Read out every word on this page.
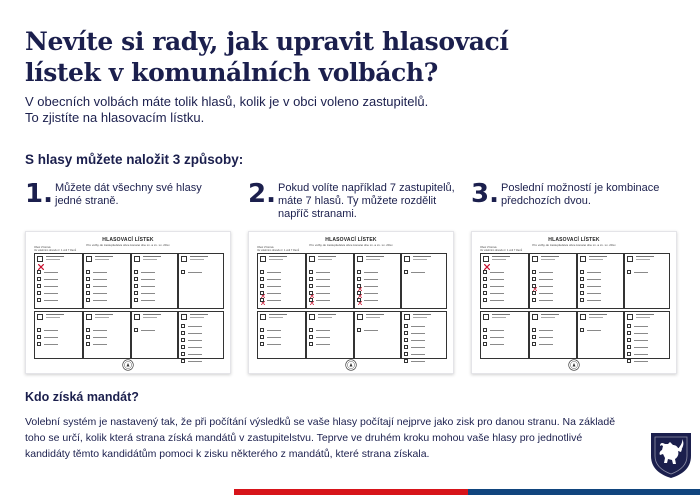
Nevíte si rady, jak upravit hlasovací
lístek v komunálních volbách?
V obecních volbách máte tolik hlasů, kolik je v obci voleno zastupitelů.
To zjistíte na hlasovacím lístku.
S hlasy můžete naložit 3 způsoby:
1. Můžete dát všechny své hlasy
jedné straně.	2. Pokud volíte například 7 zastupitelů,
máte 7 hlasů. Ty můžete rozdělit
napříč stranami.
3. Poslední možností je kombinace
předchozích dvou.
HLASOVACÍ LÍSTEK
Pro volby do zastupitelstva obce konané dne xx. a xx. xx. 20xx
Obec Vzorová
Ve volebním obvodu č. 1 volí 7 členů
HLASOVACÍ LÍSTEK
Pro volby do zastupitelstva obce konané dne xx. a xx. xx. 20xx
Obec Vzorová
Ve volebním obvodu č. 1 volí 7 členů
HLASOVACÍ LÍSTEK
Pro volby do zastupitelstva obce konané dne xx. a xx. xx. 20xx
Obec Vzorová
Ve volebním obvodu č. 1 volí 7 členů
Kdo získá mandát?
Volební systém je nastavený tak, že při počítání výsledků se vaše hlasy počítají nejprve jako zisk pro danou stranu. Na základě
toho se určí, kolik která strana získá mandátů v zastupitelstvu. Teprve ve druhém kroku mohou vaše hlasy pro jednotlivé
kandidáty těmto kandidátům pomoci k zisku některého z mandátů, které strana získala.
